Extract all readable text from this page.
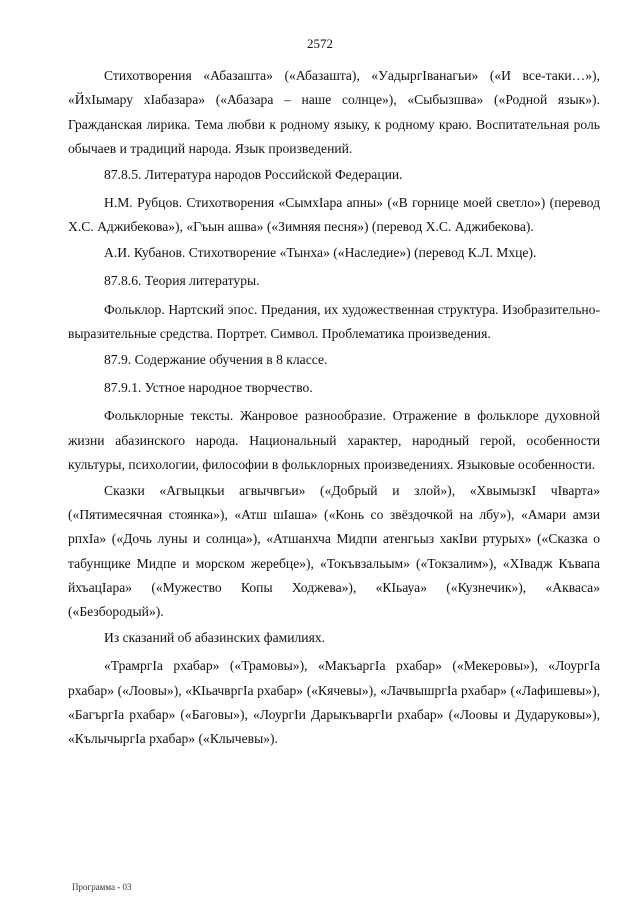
2572

Стихотворения «Абазашта» («Абазашта), «УадыргIванагьи» («И все-таки…»), «ЙхIымару хIабазара» («Абазара – наше солнце»), «Сыбызшва» («Родной язык»). Гражданская лирика. Тема любви к родному языку, к родному краю. Воспитательная роль обычаев и традиций народа. Язык произведений.

87.8.5. Литература народов Российской Федерации.

Н.М. Рубцов. Стихотворения «СымхIара апны» («В горнице моей светло») (перевод Х.С. Аджибекова»), «Гъын ашва» («Зимняя песня») (перевод Х.С. Аджибекова).

А.И. Кубанов. Стихотворение «Тынха» («Наследие») (перевод К.Л. Мхце).

87.8.6. Теория литературы.

Фольклор. Нартский эпос. Предания, их художественная структура. Изобразительно-выразительные средства. Портрет. Символ. Проблематика произведения.

87.9. Содержание обучения в 8 классе.

87.9.1. Устное народное творчество.

Фольклорные тексты. Жанровое разнообразие. Отражение в фольклоре духовной жизни абазинского народа. Национальный характер, народный герой, особенности культуры, психологии, философии в фольклорных произведениях. Языковые особенности.

Сказки «Агвыцкьи агвычвгьи» («Добрый и злой»), «ХвымызкI чIварта» («Пятимесячная стоянка»), «Атш шIаша» («Конь со звёздочкой на лбу»), «Амари амзи рпхIа» («Дочь луны и солнца»), «Атшанхча Мидпи атенгьыз хакIви ртурых» («Сказка о табунщике Мидпе и морском жеребце»), «Токъвзальым» («Токзалим»), «ХIвадж Къвапа йхъацIара» («Мужество Копы Ходжева»), «КIьауа» («Кузнечик»), «Акваса» («Безбородый»).

Из сказаний об абазинских фамилиях.

«ТрамргIа рхабар» («Трамовы»), «МакъаргIа рхабар» («Мекеровы»), «ЛоургIа рхабар» («Лоовы»), «КIьачвргIа рхабар» («Кячевы»), «ЛачвышргIа рхабар» («Лафишевы»), «БагъргIа рхабар» («Баговы»), «ЛоургIи ДарыкъваргIи рхабар» («Лоовы и Дударуковы»), «КълычыргIа рхабар» («Клычевы»).

Программа - 03
